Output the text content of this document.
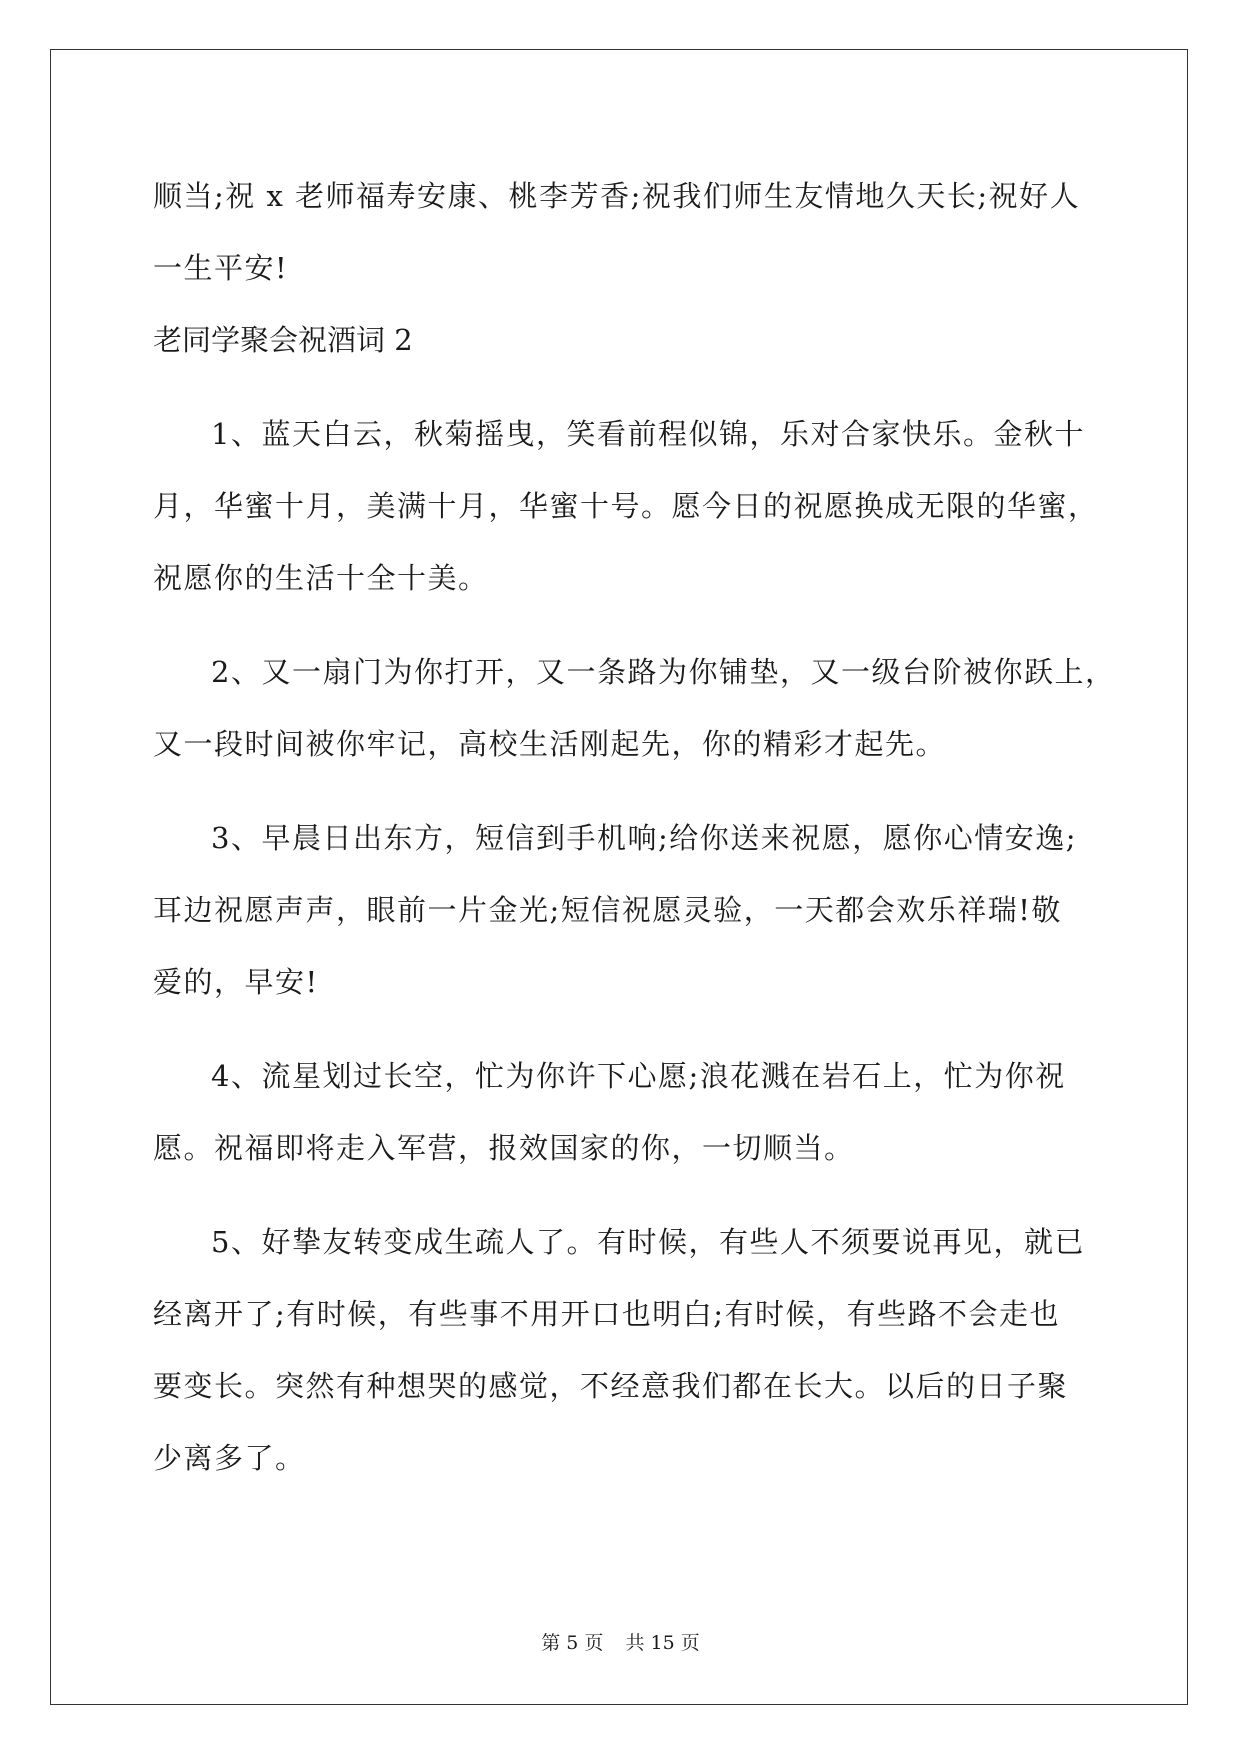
顺当;祝 x 老师福寿安康、桃李芳香;祝我们师生友情地久天长;祝好人
一生平安!
老同学聚会祝酒词 2
1、蓝天白云，秋菊摇曳，笑看前程似锦，乐对合家快乐。金秋十
月，华蜜十月，美满十月，华蜜十号。愿今日的祝愿换成无限的华蜜，
祝愿你的生活十全十美。
2、又一扇门为你打开，又一条路为你铺垫，又一级台阶被你跃上，
又一段时间被你牢记，高校生活刚起先，你的精彩才起先。
3、早晨日出东方，短信到手机响;给你送来祝愿，愿你心情安逸;
耳边祝愿声声，眼前一片金光;短信祝愿灵验，一天都会欢乐祥瑞!敬
爱的，早安!
4、流星划过长空，忙为你许下心愿;浪花溅在岩石上，忙为你祝
愿。祝福即将走入军营，报效国家的你，一切顺当。
5、好挚友转变成生疏人了。有时候，有些人不须要说再见，就已
经离开了;有时候，有些事不用开口也明白;有时候，有些路不会走也
要变长。突然有种想哭的感觉，不经意我们都在长大。以后的日子聚
少离多了。
第 5 页 共 15 页
